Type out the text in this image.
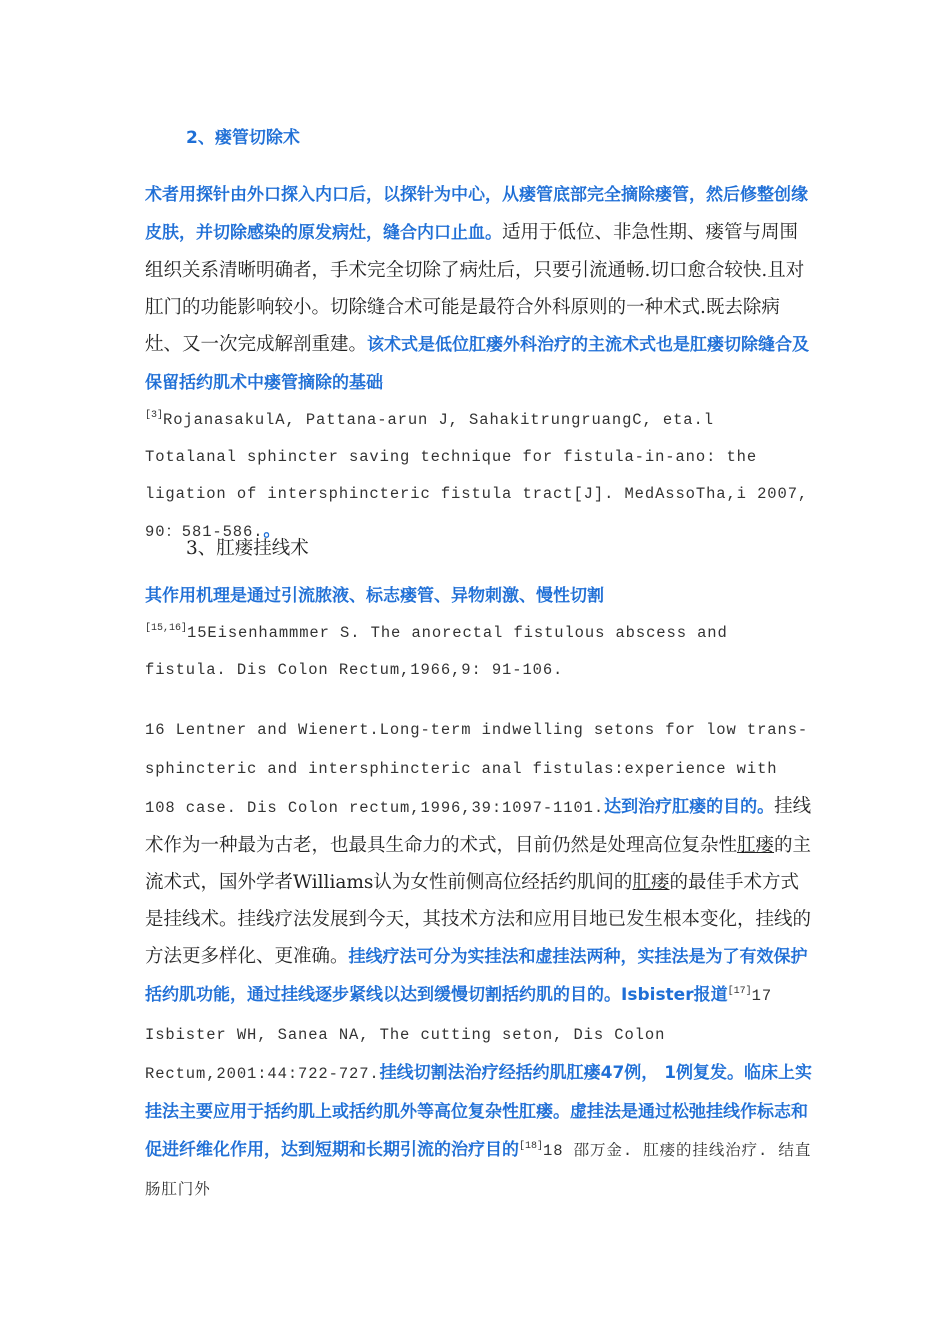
2、瘘管切除术
术者用探针由外口探入内口后，以探针为中心，从瘘管底部完全摘除瘘管，然后修整创缘皮肤，并切除感染的原发病灶，缝合内口止血。适用于低位、非急性期、瘘管与周围组织关系清晰明确者，手术完全切除了病灶后，只要引流通畅.切口愈合较快.且对肛门的功能影响较小。切除缝合术可能是最符合外科原则的一种术式.既去除病灶、又一次完成解剖重建。该术式是低位肛瘘外科治疗的主流术式也是肛瘘切除缝合及保留括约肌术中瘘管摘除的基础
[3]RojanasakulA, Pattana-arun J, SahakitrungruangC, eta.l Totalanal sphincter saving technique for fistula-in-ano: the ligation of intersphincteric fistula tract[J]. MedAssoTha,i 2007, 90：581-586.。
3、肛瘘挂线术
其作用机理是通过引流脓液、标志瘘管、异物刺激、慢性切割
[15,16]15Eisenhammmer S. The anorectal fistulous abscess and fistula. Dis Colon Rectum,1966,9: 91-106.
16 Lentner and Wienert.Long-term indwelling setons for low trans-sphincteric and intersphincteric anal fistulas:experience with 108 case. Dis Colon rectum,1996,39:1097-1101.达到治疗肛瘘的目的。挂线术作为一种最为古老，也最具生命力的术式，目前仍然是处理高位复杂性肛瘘的主流术式，国外学者Williams认为女性前侧高位经括约肌间的肛瘘的最佳手术方式是挂线术。挂线疗法发展到今天，其技术方法和应用目地已发生根本变化，挂线的方法更多样化、更准确。挂线疗法可分为实挂法和虚挂法两种，实挂法是为了有效保护括约肌功能，通过挂线逐步紧线以达到缓慢切割括约肌的目的。Isbister报道[17]17 Isbister WH, Sanea NA, The cutting seton, Dis Colon Rectum,2001:44:722-727.挂线切割法治疗经括约肌肛瘘47例， 1例复发。临床上实挂法主要应用于括约肌上或括约肌外等高位复杂性肛瘘。虚挂法是通过松弛挂线作标志和促进纤维化作用，达到短期和长期引流的治疗目的[18]18 邵万金. 肛瘘的挂线治疗. 结直肠肛门外
